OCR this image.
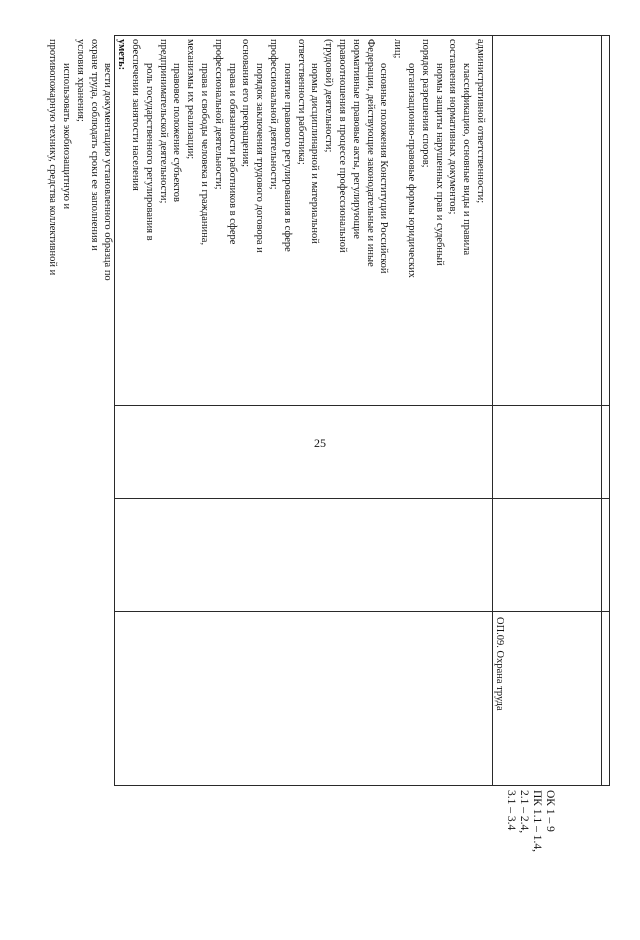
25
административной ответственности;
классификацию, основные виды и правила
составления нормативных документов;
нормы защиты нарушенных прав и судебный
порядок разрешения споров;
организационно-правовые формы юридических
лиц;
основные положения Конституции Российской
Федерации, действующие законодательные и иные
нормативные правовые акты, регулирующие
правоотношения в процессе профессиональной
(трудовой) деятельности;
нормы дисциплинарной и материальной
ответственности работника;
понятие правового регулирования в сфере
профессиональной деятельности;
порядок заключения трудового договора и
основания его прекращения;
права и обязанности работников в сфере
профессиональной деятельности;
права и свободы человека и гражданина,
механизмы их реализации;
правовое положение субъектов
предпринимательской деятельности;
роль государственного регулирования в
обеспечении занятости населения
уметь:
вести документацию установленного образца по
охране труда, соблюдать сроки ее заполнения и
условия хранения;
использовать экобиозащитную и
противопожарную технику, средства коллективной и
ОП.09. Охрана труда
ОК 1 – 9
ПК 1.1 – 1.4,
2.1 – 2.4,
3.1 – 3.4
